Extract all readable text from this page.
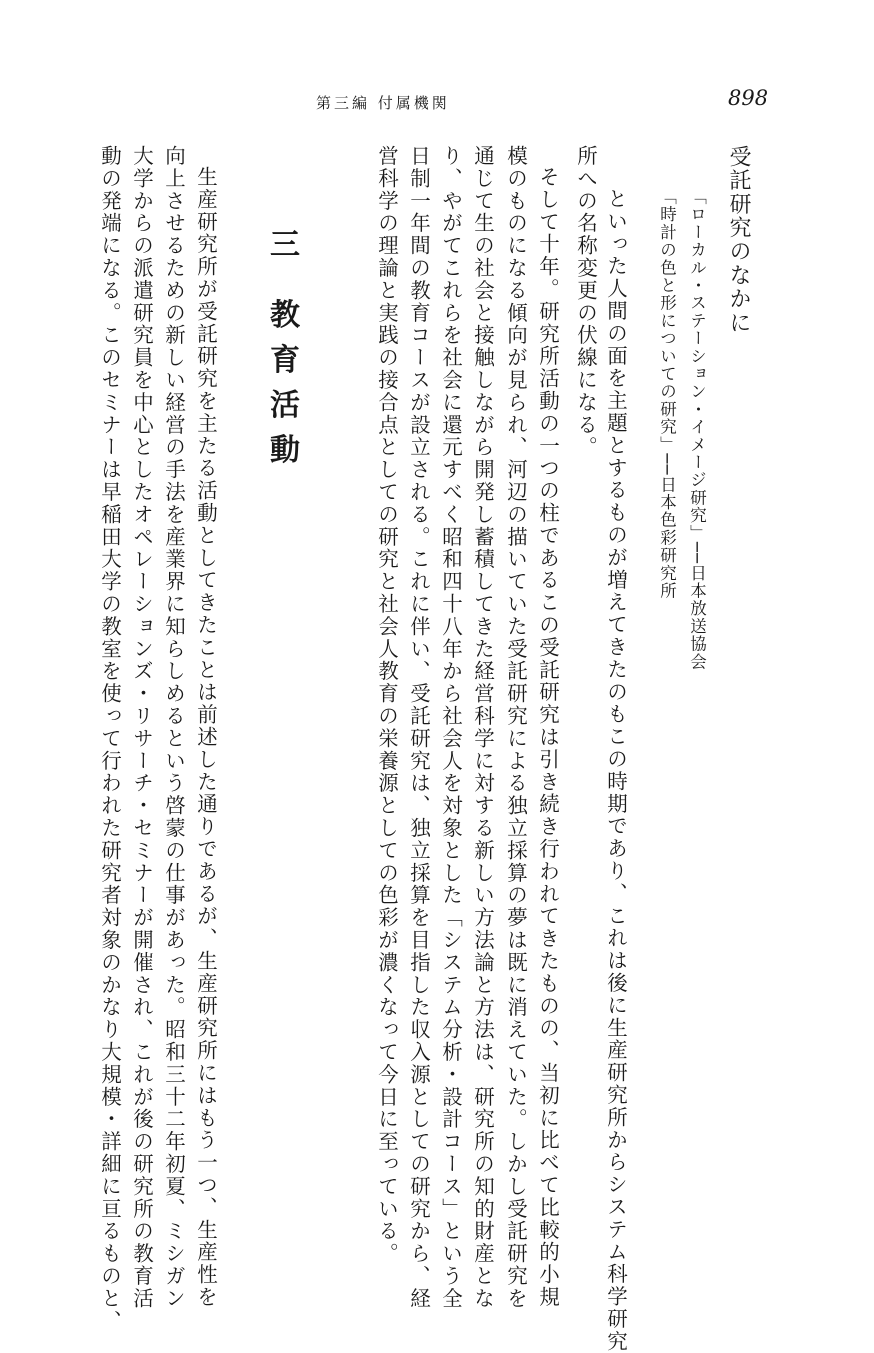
第三編 付属機関	898
受託研究のなかに
「ローカル・ステーション・イメージ研究」──日本放送協会
「時計の色と形についての研究」──日本色彩研究所
といった人間の面を主題とするものが増えてきたのもこの時期であり、これは後に生産研究所からシステム科学研究
所への名称変更の伏線になる。
そして十年。研究所活動の一つの柱であるこの受託研究は引き続き行われてきたものの、当初に比べて比較的小規
模のものになる傾向が見られ、河辺の描いていた受託研究による独立採算の夢は既に消えていた。しかし受託研究を
通じて生の社会と接触しながら開発し蓄積してきた経営科学に対する新しい方法論と方法は、研究所の知的財産とな
り、やがてこれらを社会に還元すべく昭和四十八年から社会人を対象とした「システム分析・設計コース」という全
日制一年間の教育コースが設立される。これに伴い、受託研究は、独立採算を目指した収入源としての研究から、経
営科学の理論と実践の接合点としての研究と社会人教育の栄養源としての色彩が濃くなって今日に至っている。
三 教育活動
生産研究所が受託研究を主たる活動としてきたことは前述した通りであるが、生産研究所にはもう一つ、生産性を
向上させるための新しい経営の手法を産業界に知らしめるという啓蒙の仕事があった。昭和三十二年初夏、ミシガン
大学からの派遣研究員を中心としたオペレーションズ・リサーチ・セミナーが開催され、これが後の研究所の教育活
動の発端になる。このセミナーは早稲田大学の教室を使って行われた研究者対象のかなり大規模・詳細に亘るものと、
